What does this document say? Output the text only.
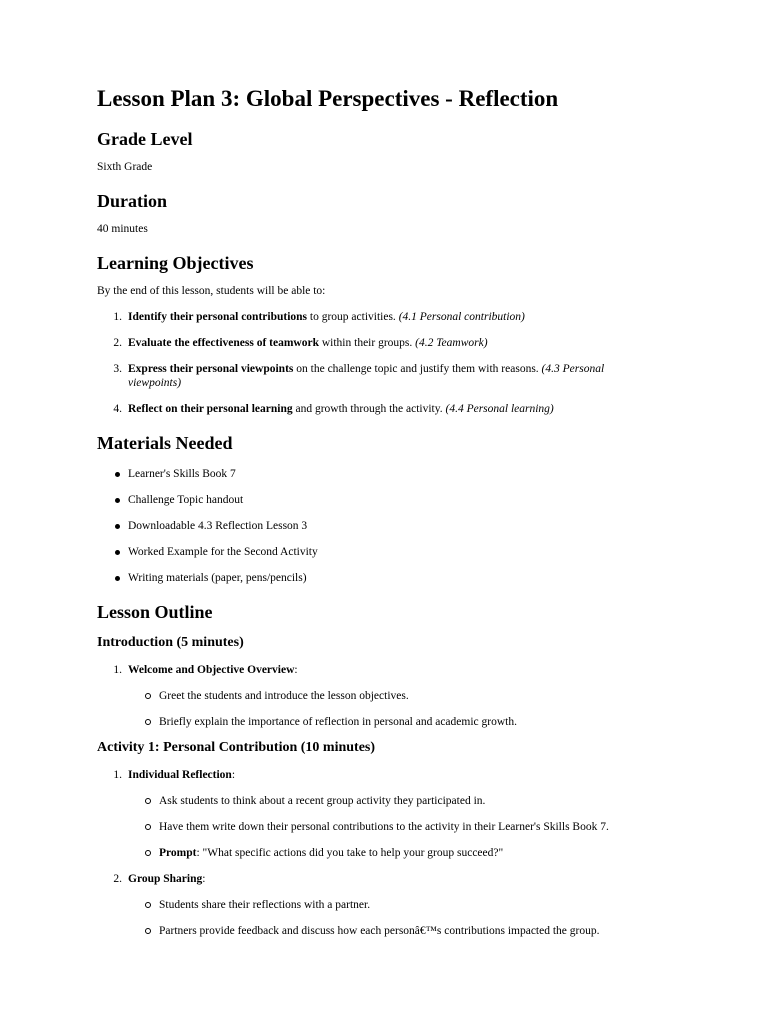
Lesson Plan 3: Global Perspectives - Reflection
Grade Level

Sixth Grade

Duration

40 minutes

Learning Objectives

By the end of this lesson, students will be able to:

1. Identify their personal contributions to group activities. (4.1 Personal contribution)
2. Evaluate the effectiveness of teamwork within their groups. (4.2 Teamwork)
3. Express their personal viewpoints on the challenge topic and justify them with reasons. (4.3 Personal viewpoints)
4. Reflect on their personal learning and growth through the activity. (4.4 Personal learning)
Materials Needed
Learner's Skills Book 7
Challenge Topic handout
Downloadable 4.3 Reflection Lesson 3
Worked Example for the Second Activity
Writing materials (paper, pens/pencils)
Lesson Outline
Introduction (5 minutes)
1. Welcome and Objective Overview:
Greet the students and introduce the lesson objectives.
Briefly explain the importance of reflection in personal and academic growth.
Activity 1: Personal Contribution (10 minutes)
1. Individual Reflection:
Ask students to think about a recent group activity they participated in.
Have them write down their personal contributions to the activity in their Learner's Skills Book 7.
Prompt: "What specific actions did you take to help your group succeed?"
2. Group Sharing:
Students share their reflections with a partner.
Partners provide feedback and discuss how each personâ€™s contributions impacted the group.
